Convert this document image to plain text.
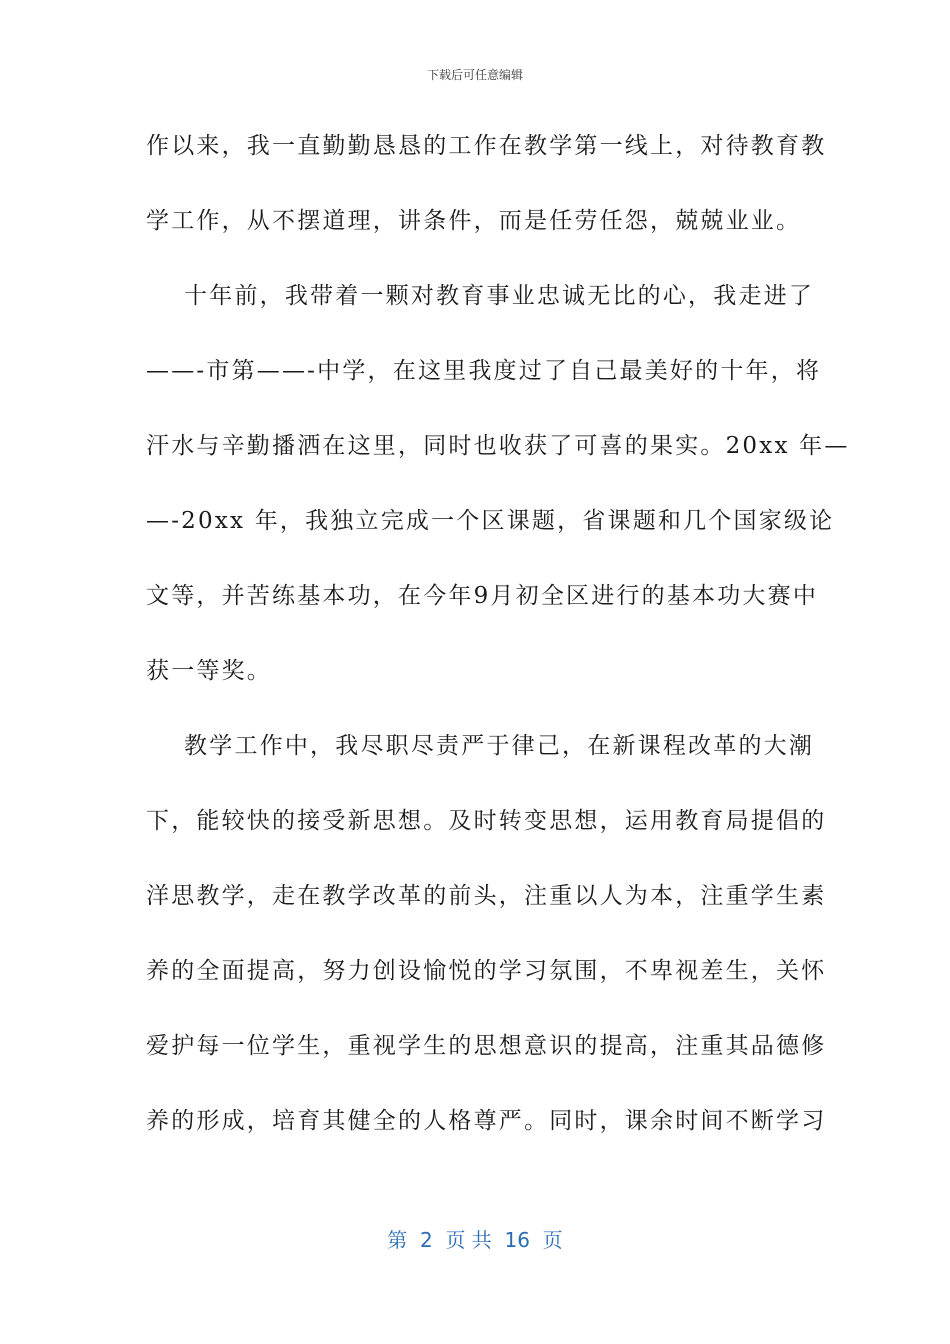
下载后可任意编辑
作以来，我一直勤勤恳恳的工作在教学第一线上，对待教育教
学工作，从不摆道理，讲条件，而是任劳任怨，兢兢业业。
十年前，我带着一颗对教育事业忠诚无比的心，我走进了
——-市第——-中学，在这里我度过了自己最美好的十年，将
汗水与辛勤播洒在这里，同时也收获了可喜的果实。20xx 年—
—-20xx 年，我独立完成一个区课题，省课题和几个国家级论
文等，并苦练基本功，在今年9月初全区进行的基本功大赛中
获一等奖。
教学工作中，我尽职尽责严于律己，在新课程改革的大潮
下，能较快的接受新思想。及时转变思想，运用教育局提倡的
洋思教学，走在教学改革的前头，注重以人为本，注重学生素
养的全面提高，努力创设愉悦的学习氛围，不卑视差生，关怀
爱护每一位学生，重视学生的思想意识的提高，注重其品德修
养的形成，培育其健全的人格尊严。同时，课余时间不断学习
第  2  页 共  16  页
